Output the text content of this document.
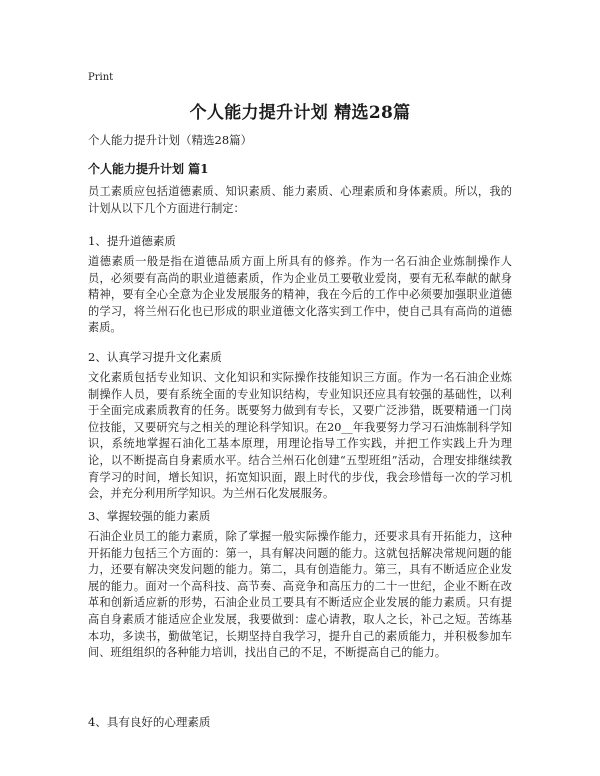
Print
个人能力提升计划 精选28篇
个人能力提升计划（精选28篇）
个人能力提升计划 篇1

员工素质应包括道德素质、知识素质、能力素质、心理素质和身体素质。所以，我的计划从以下几个方面进行制定：

1、提升道德素质

道德素质一般是指在道德品质方面上所具有的修养。作为一名石油企业炼制操作人员，必须要有高尚的职业道德素质，作为企业员工要敬业爱岗，要有无私奉献的献身精神，要有全心全意为企业发展服务的精神，我在今后的工作中必须要加强职业道德的学习，将兰州石化也已形成的职业道德文化落实到工作中，使自己具有高尚的道德素质。

2、认真学习提升文化素质

文化素质包括专业知识、文化知识和实际操作技能知识三方面。作为一名石油企业炼制操作人员，要有系统全面的专业知识结构，专业知识还应具有较强的基础性，以利于全面完成素质教育的任务。既要努力做到有专长，又要广泛涉猎，既要精通一门岗位技能，又要研究与之相关的理论科学知识。在20__年我要努力学习石油炼制科学知识，系统地掌握石油化工基本原理，用理论指导工作实践，并把工作实践上升为理论，以不断提高自身素质水平。结合兰州石化创建“五型班组”活动，合理安排继续教育学习的时间，增长知识，拓宽知识面，跟上时代的步伐，我会珍惜每一次的学习机会，并充分利用所学知识。为兰州石化发展服务。

3、掌握较强的能力素质

石油企业员工的能力素质，除了掌握一般实际操作能力，还要求具有开拓能力，这种开拓能力包括三个方面的：第一，具有解决问题的能力。这就包括解决常规问题的能力，还要有解决突发问题的能力。第二，具有创造能力。第三，具有不断适应企业发展的能力。面对一个高科技、高节奏、高竞争和高压力的二十一世纪，企业不断在改革和创新适应新的形势，石油企业员工要具有不断适应企业发展的能力素质。只有提高自身素质才能适应企业发展，我要做到：虚心请教，取人之长，补己之短。苦练基本功，多读书，勤做笔记，长期坚持自我学习，提升自己的素质能力，并积极参加车间、班组组织的各种能力培训，找出自己的不足，不断提高自己的能力。

4、具有良好的心理素质
